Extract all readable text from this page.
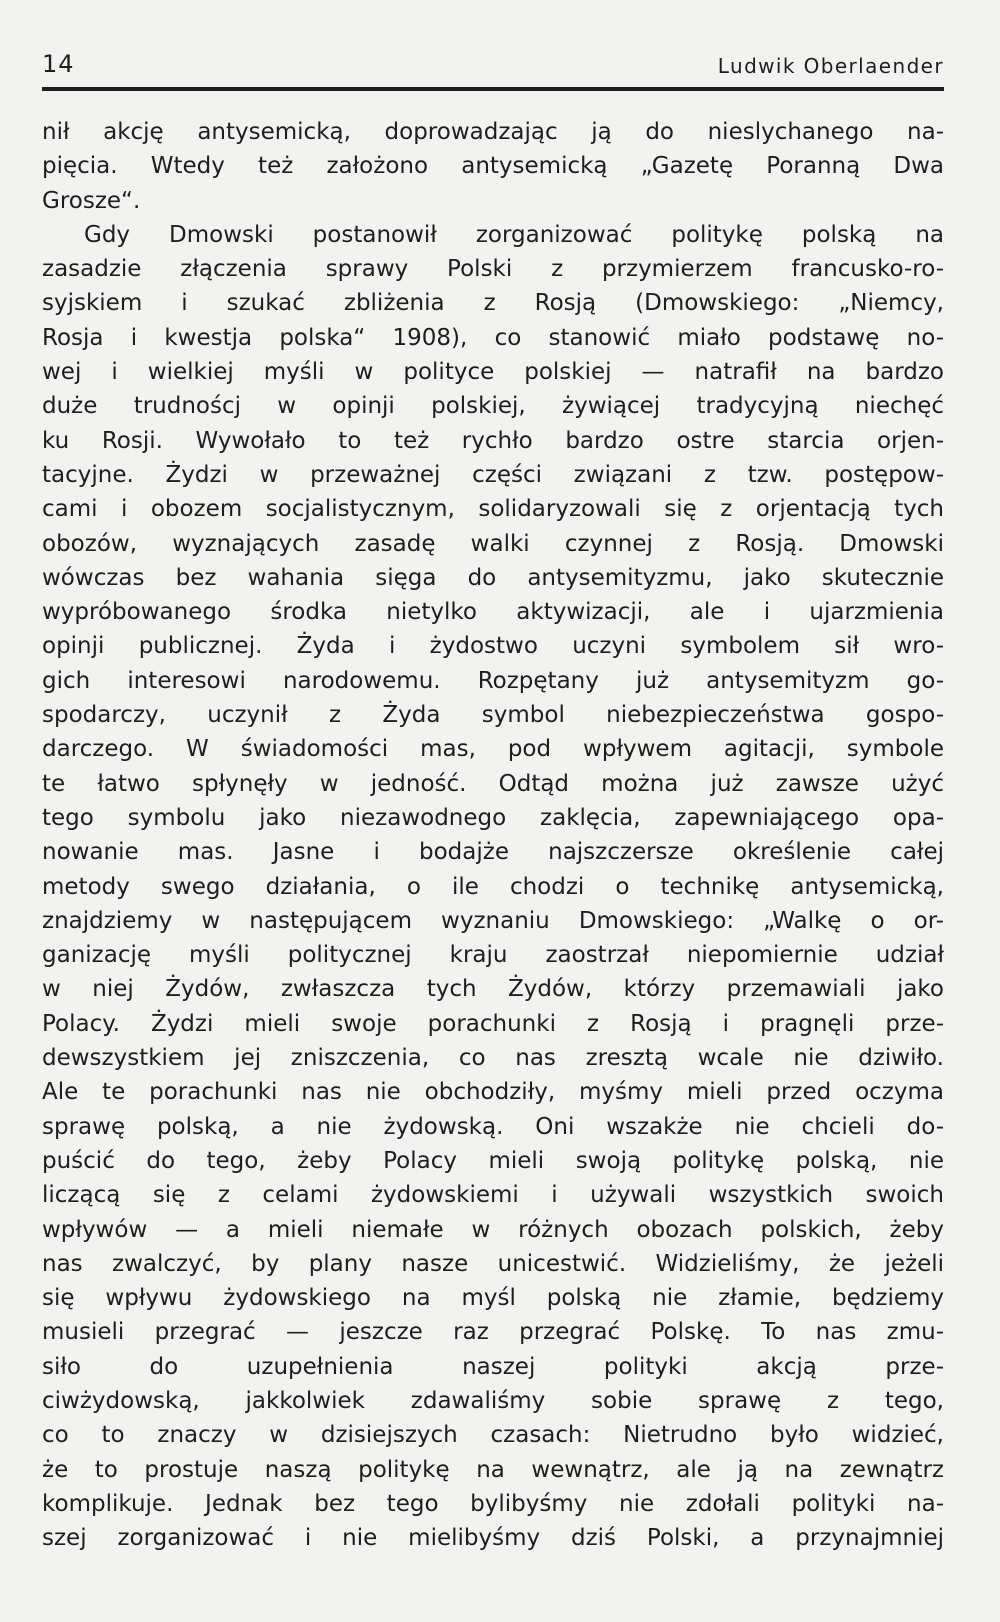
14	Ludwik Oberlaender
nił akcję antysemicką, doprowadzając ją do nieslychanego na-
pięcia. Wtedy też założono antysemicką „Gazetę Poranną Dwa
Grosze“.
Gdy Dmowski postanowił zorganizować politykę polską na
zasadzie złączenia sprawy Polski z przymierzem francusko-ro-
syjskiem i szukać zbliżenia z Rosją (Dmowskiego: „Niemcy,
Rosja i kwestja polska“ 1908), co stanowić miało podstawę no-
wej i wielkiej myśli w polityce polskiej — natrafił na bardzo
duże trudnoścj w opinji polskiej, żywiącej tradycyjną niechęć
ku Rosji. Wywołało to też rychło bardzo ostre starcia orjen-
tacyjne. Żydzi w przeważnej części związani z tzw. postępow-
cami i obozem socjalistycznym, solidaryzowali się z orjentacją tych
obozów, wyznających zasadę walki czynnej z Rosją. Dmowski
wówczas bez wahania sięga do antysemityzmu, jako skutecznie
wypróbowanego środka nietylko aktywizacji, ale i ujarzmienia
opinji publicznej. Żyda i żydostwo uczyni symbolem sił wro-
gich interesowi narodowemu. Rozpętany już antysemityzm go-
spodarczy, uczynił z Żyda symbol niebezpieczeństwa gospo-
darczego. W świadomości mas, pod wpływem agitacji, symbole
te łatwo spłynęły w jedność. Odtąd można już zawsze użyć
tego symbolu jako niezawodnego zaklęcia, zapewniającego opa-
nowanie mas. Jasne i bodajże najszczersze określenie całej
metody swego działania, o ile chodzi o technikę antysemicką,
znajdziemy w następującem wyznaniu Dmowskiego: „Walkę o or-
ganizację myśli politycznej kraju zaostrzał niepomiernie udział
w niej Żydów, zwłaszcza tych Żydów, którzy przemawiali jako
Polacy. Żydzi mieli swoje porachunki z Rosją i pragnęli prze-
dewszystkiem jej zniszczenia, co nas zresztą wcale nie dziwiło.
Ale te porachunki nas nie obchodziły, myśmy mieli przed oczyma
sprawę polską, a nie żydowską. Oni wszakże nie chcieli do-
puścić do tego, żeby Polacy mieli swoją politykę polską, nie
liczącą się z celami żydowskiemi i używali wszystkich swoich
wpływów — a mieli niemałe w różnych obozach polskich, żeby
nas zwalczyć, by plany nasze unicestwić. Widzieliśmy, że jeżeli
się wpływu żydowskiego na myśl polską nie złamie, będziemy
musieli przegrać — jeszcze raz przegrać Polskę. To nas zmu-
siło do uzupełnienia naszej polityki akcją prze-
ciwżydowską, jakkolwiek zdawaliśmy sobie sprawę z tego,
co to znaczy w dzisiejszych czasach: Nietrudno było widzieć,
że to prostuje naszą politykę na wewnątrz, ale ją na zewnątrz
komplikuje. Jednak bez tego bylibyśmy nie zdołali polityki na-
szej zorganizować i nie mielibyśmy dziś Polski, a przynajmniej
